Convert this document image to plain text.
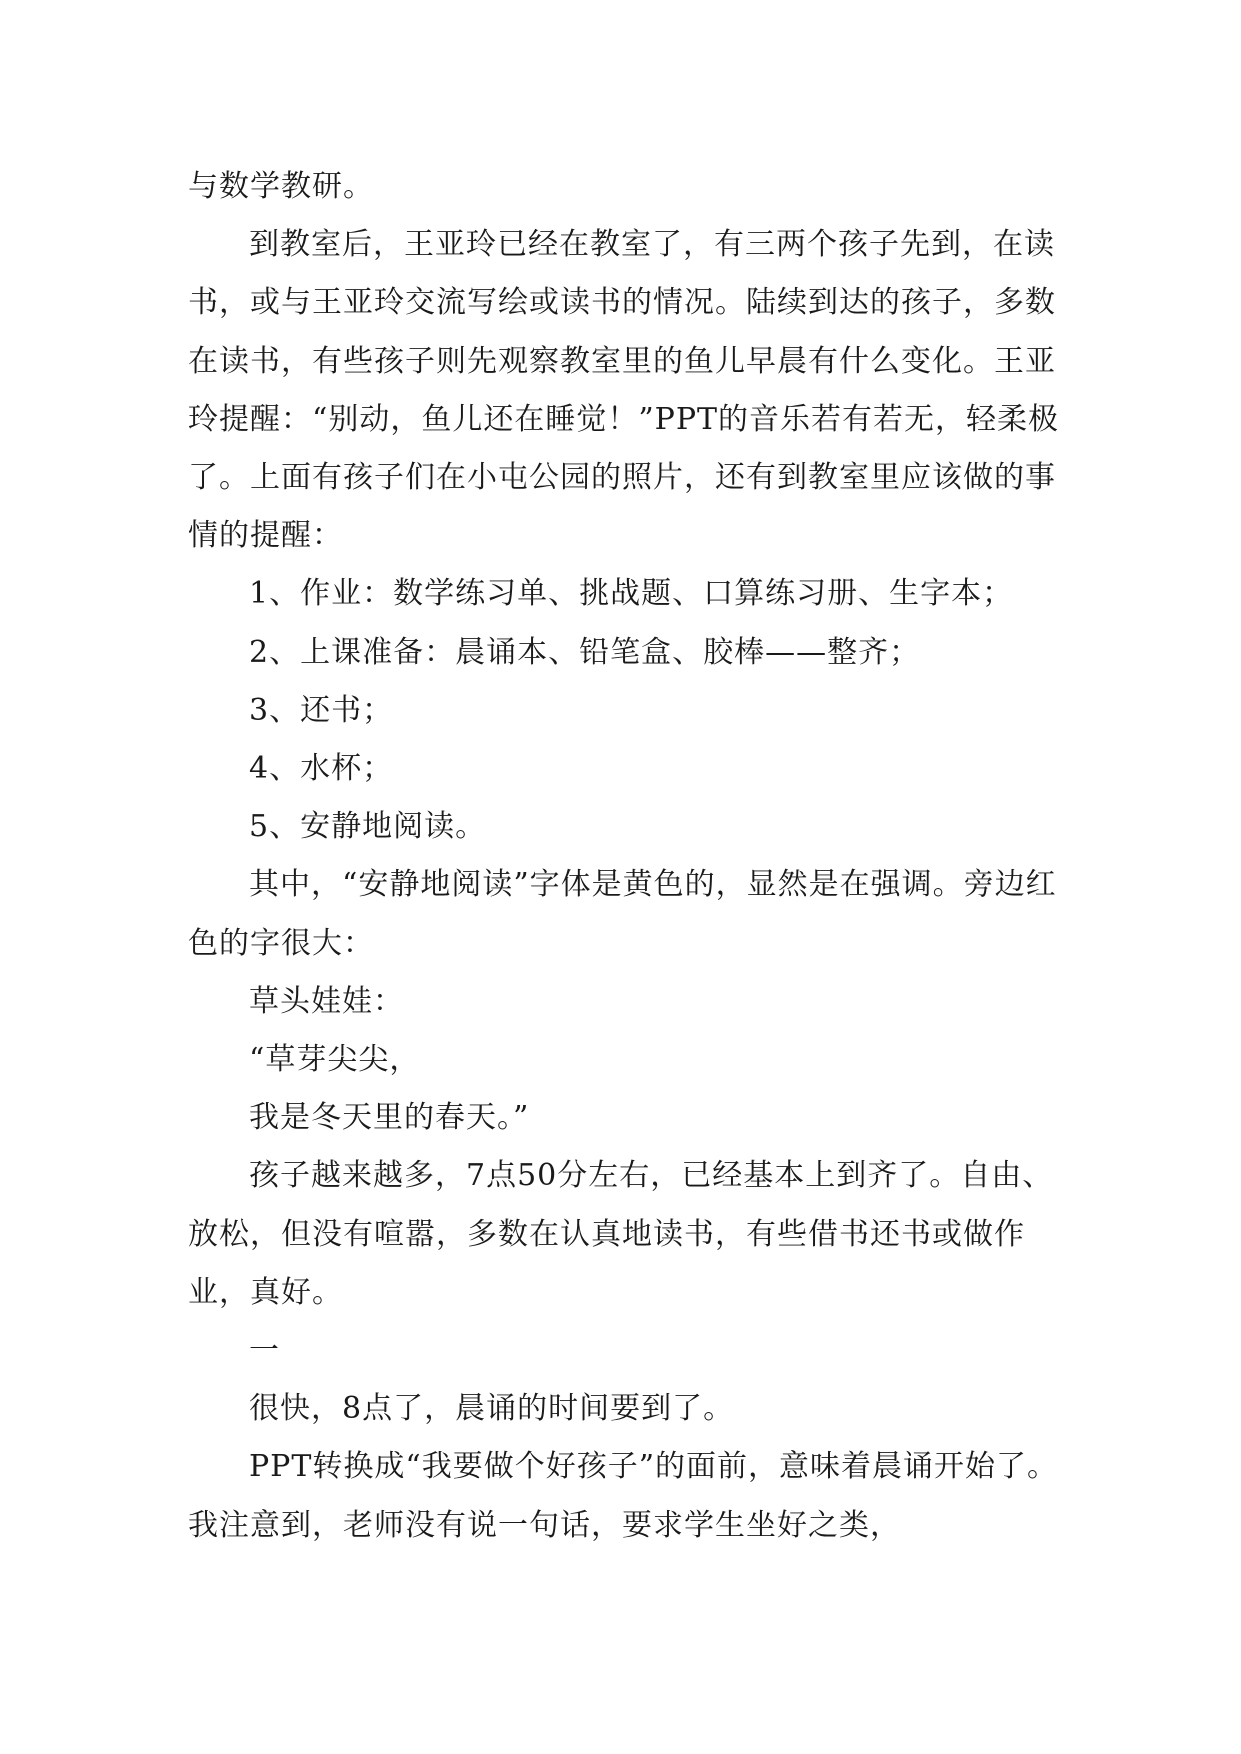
与数学教研。

到教室后，王亚玲已经在教室了，有三两个孩子先到，在读书，或与王亚玲交流写绘或读书的情况。陆续到达的孩子，多数在读书，有些孩子则先观察教室里的鱼儿早晨有什么变化。王亚玲提醒：“别动，鱼儿还在睡觉！”PPT的音乐若有若无，轻柔极了。上面有孩子们在小屯公园的照片，还有到教室里应该做的事情的提醒：

1、作业：数学练习单、挑战题、口算练习册、生字本；

2、上课准备：晨诵本、铅笔盒、胶棒——整齐；

3、还书；

4、水杯；

5、安静地阅读。

其中，“安静地阅读”字体是黄色的，显然是在强调。旁边红色的字很大：

草头娃娃：

“草芽尖尖，

我是冬天里的春天。”

孩子越来越多，7点50分左右，已经基本上到齐了。自由、放松，但没有喧嚣，多数在认真地读书，有些借书还书或做作业，真好。

一

很快，8点了，晨诵的时间要到了。

PPT转换成“我要做个好孩子”的面前，意味着晨诵开始了。我注意到，老师没有说一句话，要求学生坐好之类，
